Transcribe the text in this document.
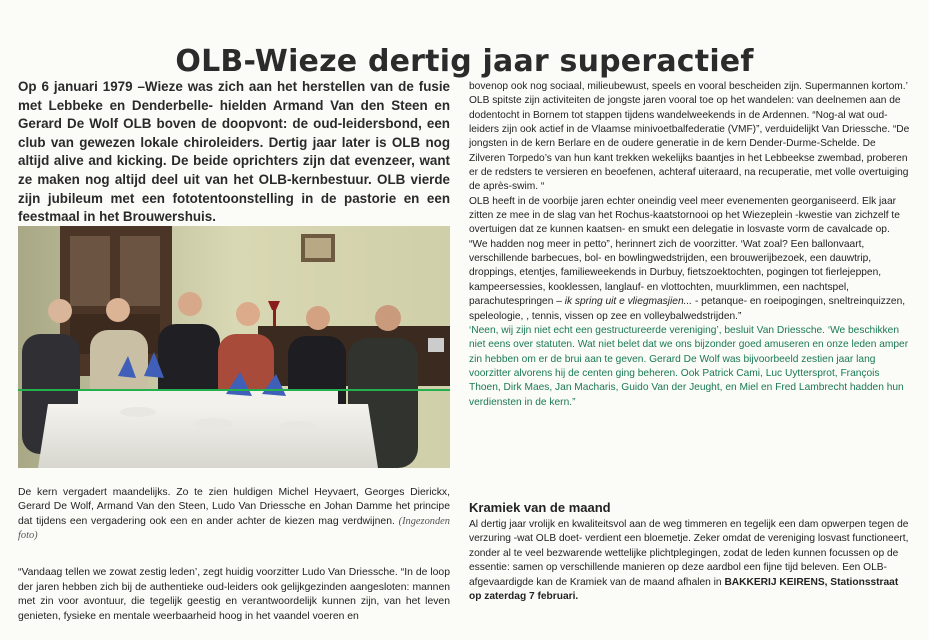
OLB-Wieze dertig jaar superactief

Op 6 januari 1979 –Wieze was zich aan het herstellen van de fusie met Lebbeke en Denderbelle- hielden Armand Van den Steen en Gerard De Wolf OLB boven de doopvont: de oud-leidersbond, een club van gewezen lokale chiroleiders. Dertig jaar later is OLB nog altijd alive and kicking. De beide oprichters zijn dat evenzeer, want ze maken nog altijd deel uit van het OLB-kernbestuur. OLB vierde zijn jubileum met een fototentoonstelling in de pastorie en een feestmaal in het Brouwershuis.

De kern vergadert maandelijks. Zo te zien huldigen Michel Heyvaert, Georges Dierickx, Gerard De Wolf, Armand Van den Steen, Ludo Van Driessche en Johan Damme het principe dat tijdens een vergadering ook een en ander achter de kiezen mag verdwijnen. (Ingezonden foto)

“Vandaag tellen we zowat zestig leden’, zegt huidig voorzitter Ludo Van Driessche. “In de loop der jaren hebben zich bij de authentieke oud-leiders ook gelijkgezinden aangesloten: mannen met zin voor avontuur, die tegelijk geestig en verantwoordelijk kunnen zijn, van het leven genieten, fysieke en mentale weerbaarheid hoog in het vaandel voeren en

bovenop ook nog sociaal, milieubewust, speels en vooral bescheiden zijn. Supermannen kortom.’

OLB spitste zijn activiteiten de jongste jaren vooral toe op het wandelen: van deelnemen aan de dodentocht in Bornem tot stappen tijdens wandelweekends in de Ardennen. “Nog-al wat oud-leiders zijn ook actief in de Vlaamse minivoetbalfederatie (VMF)”, verduidelijkt Van Driessche. “De jongsten in de kern Berlare en de oudere generatie in de kern Dender-Durme-Schelde. De Zilveren Torpedo’s van hun kant trekken wekelijks baantjes in het Lebbeekse zwembad, proberen er de redsters te versieren en beoefenen, achteraf uiteraard, na recuperatie, met volle overtuiging de après-swim. “

OLB heeft in de voorbije jaren echter oneindig veel meer evenementen georganiseerd. Elk jaar zitten ze mee in de slag van het Rochus-kaatstornooi op het Wiezeplein -kwestie van zichzelf te overtuigen dat ze kunnen kaatsen- en smukt een delegatie in losvaste vorm de cavalcade op.

“We hadden nog meer in petto”, herinnert zich de voorzitter. ‘Wat zoal? Een ballonvaart, verschillende barbecues, bol- en bowlingwedstrijden, een brouwerijbezoek, een dauwtrip, droppings, etentjes, familieweekends in Durbuy, fietszoektochten, pogingen tot fierlejeppen, kampeersessies, kooklessen, langlauf- en vlottochten, muurklimmen, een nachtspel, parachutespringen – ik spring uit e vliegmasjien... - petanque- en roeipogingen, sneltreinquizzen, speleologie, , tennis, vissen op zee en volleybalwedstrijden.”

‘Neen, wij zijn niet echt een gestructureerde vereniging’, besluit Van Driessche. ‘We beschikken niet eens over statuten. Wat niet belet dat we ons bijzonder goed amuseren en onze leden amper zin hebben om er de brui aan te geven. Gerard De Wolf was bijvoorbeeld zestien jaar lang voorzitter alvorens hij de centen ging beheren. Ook Patrick Cami, Luc Uyttersprot, François Thoen, Dirk Maes, Jan Macharis, Guido Van der Jeught, en Miel en Fred Lambrecht hadden hun verdiensten in de kern.”

Kramiek van de maand

Al dertig jaar vrolijk en kwaliteitsvol aan de weg timmeren en tegelijk een dam opwerpen tegen de verzuring -wat OLB doet- verdient een bloemetje. Zeker omdat de vereniging losvast functioneert, zonder al te veel bezwarende wettelijke plichtplegingen, zodat de leden kunnen focussen op de essentie: samen op verschillende manieren op deze aardbol een fijne tijd beleven. Een OLB-afgevaardigde kan de Kramiek van de maand afhalen in BAKKERIJ KEIRENS, Stationsstraat op zaterdag 7 februari.
